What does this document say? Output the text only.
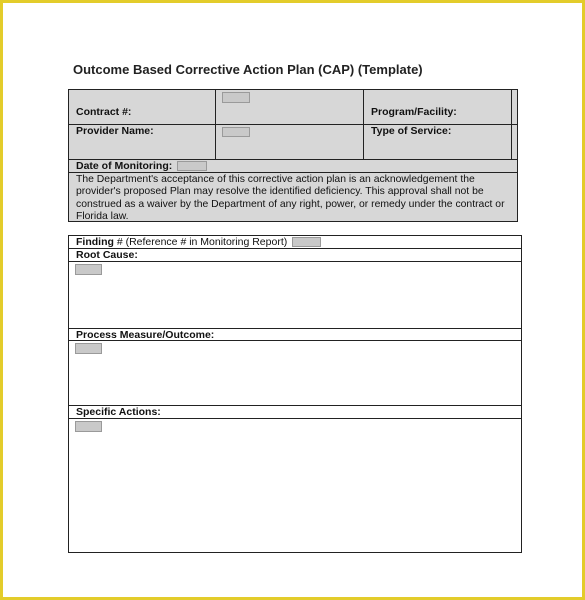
Outcome Based Corrective Action Plan (CAP) (Template)
Contract #:	Program/Facility:
Provider Name:	Type of Service:
Date of Monitoring:
The Department's acceptance of this corrective action plan is an acknowledgement the provider's proposed Plan may resolve the identified deficiency. This approval shall not be construed as a waiver by the Department of any right, power, or remedy under the contract or Florida law.
Finding # (Reference # in Monitoring Report)
Root Cause:
Process Measure/Outcome:
Specific Actions:
